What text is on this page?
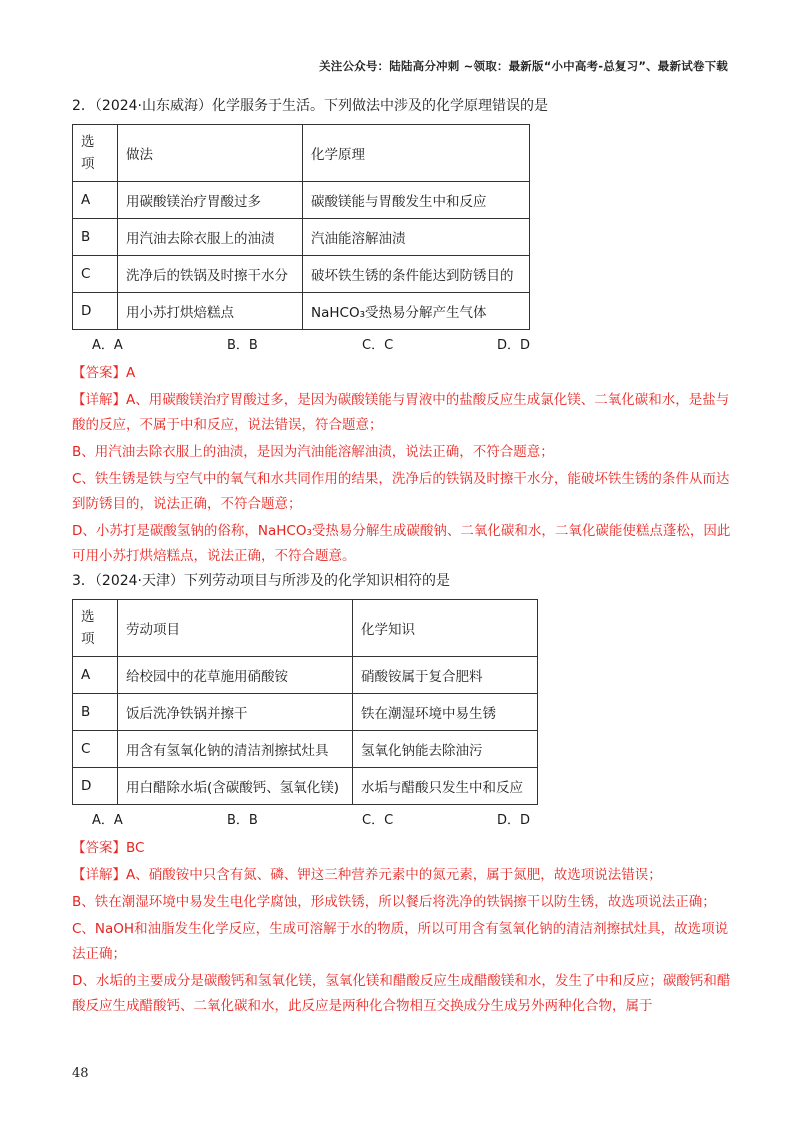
关注公众号：陆陆高分冲刺 ~领取：最新版“小中高考-总复习”、最新试卷下载

2．（2024·山东威海）化学服务于生活。下列做法中涉及的化学原理错误的是

选项	做法	化学原理
A	用碳酸镁治疗胃酸过多	碳酸镁能与胃酸发生中和反应
B	用汽油去除衣服上的油渍	汽油能溶解油渍
C	洗净后的铁锅及时擦干水分	破坏铁生锈的条件能达到防锈目的
D	用小苏打烘焙糕点	NaHCO₃受热易分解产生气体
A．A	B．B	C．C	D．D

【答案】A

【详解】A、用碳酸镁治疗胃酸过多，是因为碳酸镁能与胃液中的盐酸反应生成氯化镁、二氧化碳和水，是盐与酸的反应，不属于中和反应，说法错误，符合题意；

B、用汽油去除衣服上的油渍，是因为汽油能溶解油渍，说法正确，不符合题意；

C、铁生锈是铁与空气中的氧气和水共同作用的结果，洗净后的铁锅及时擦干水分，能破坏铁生锈的条件从而达到防锈目的，说法正确，不符合题意；

D、小苏打是碳酸氢钠的俗称，NaHCO₃受热易分解生成碳酸钠、二氧化碳和水，二氧化碳能使糕点蓬松，因此可用小苏打烘焙糕点，说法正确，不符合题意。

3．（2024·天津）下列劳动项目与所涉及的化学知识相符的是

选项	劳动项目	化学知识
A	给校园中的花草施用硝酸铵	硝酸铵属于复合肥料
B	饭后洗净铁锅并擦干	铁在潮湿环境中易生锈
C	用含有氢氧化钠的清洁剂擦拭灶具	氢氧化钠能去除油污
D	用白醋除水垢(含碳酸钙、氢氧化镁)	水垢与醋酸只发生中和反应
A．A	B．B	C．C	D．D

【答案】BC

【详解】A、硝酸铵中只含有氮、磷、钾这三种营养元素中的氮元素，属于氮肥，故选项说法错误；

B、铁在潮湿环境中易发生电化学腐蚀，形成铁锈，所以餐后将洗净的铁锅擦干以防生锈，故选项说法正确；

C、NaOH和油脂发生化学反应，生成可溶解于水的物质，所以可用含有氢氧化钠的清洁剂擦拭灶具，故选项说法正确；

D、水垢的主要成分是碳酸钙和氢氧化镁，氢氧化镁和醋酸反应生成醋酸镁和水，发生了中和反应；碳酸钙和醋酸反应生成醋酸钙、二氧化碳和水，此反应是两种化合物相互交换成分生成另外两种化合物，属于

48
